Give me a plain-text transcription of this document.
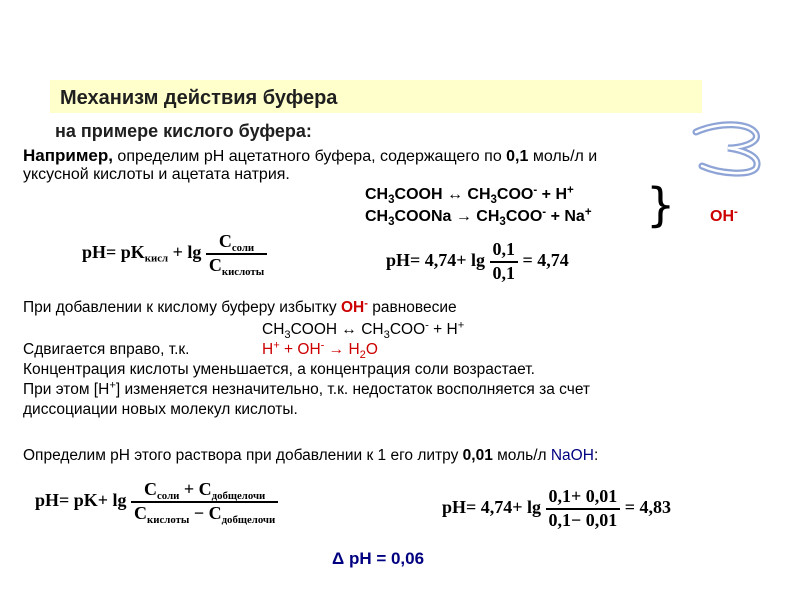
Механизм действия буфера
на примере кислого буфера:
Например, определим рН ацетатного буфера, содержащего по 0,1 моль/л и
уксусной кислоты и ацетата натрия.
$CH_3COOH$ ↔ $CH_3COO^- + H^+$
$CH_3COONa \to CH_3COO^- + Na^+$ } OH-
$pH= pK_{кисл} + \lg \frac{C_{соли}}{C_{кислоты}}$	$pH= 4,74+ \lg \frac{0,1}{0,1} = 4,74$
При добавлении к кислому буферу избытку OH- равновесие
$CH_3COOH$ ↔ $CH_3COO^- + H^+$
Сдвигается вправо, т.к.	$H^+ + OH^- \to H_2O$
Концентрация кислоты уменьшается, а концентрация соли возрастает.
При этом [H+] изменяется незначительно, т.к. недостаток восполняется за счет
диссоциации новых молекул кислоты.
Определим рН этого раствора при добавлении к 1 его литру 0,01 моль/л NaOH:
$pH= pK+ \lg \frac{C_{соли} + C_{добщелочи}}{C_{кислоты} - C_{добщелочи}}$	$pH= 4,74+ \lg \frac{0,1+ 0,01}{0,1- 0,01} = 4,83$
Δ рН = 0,06
